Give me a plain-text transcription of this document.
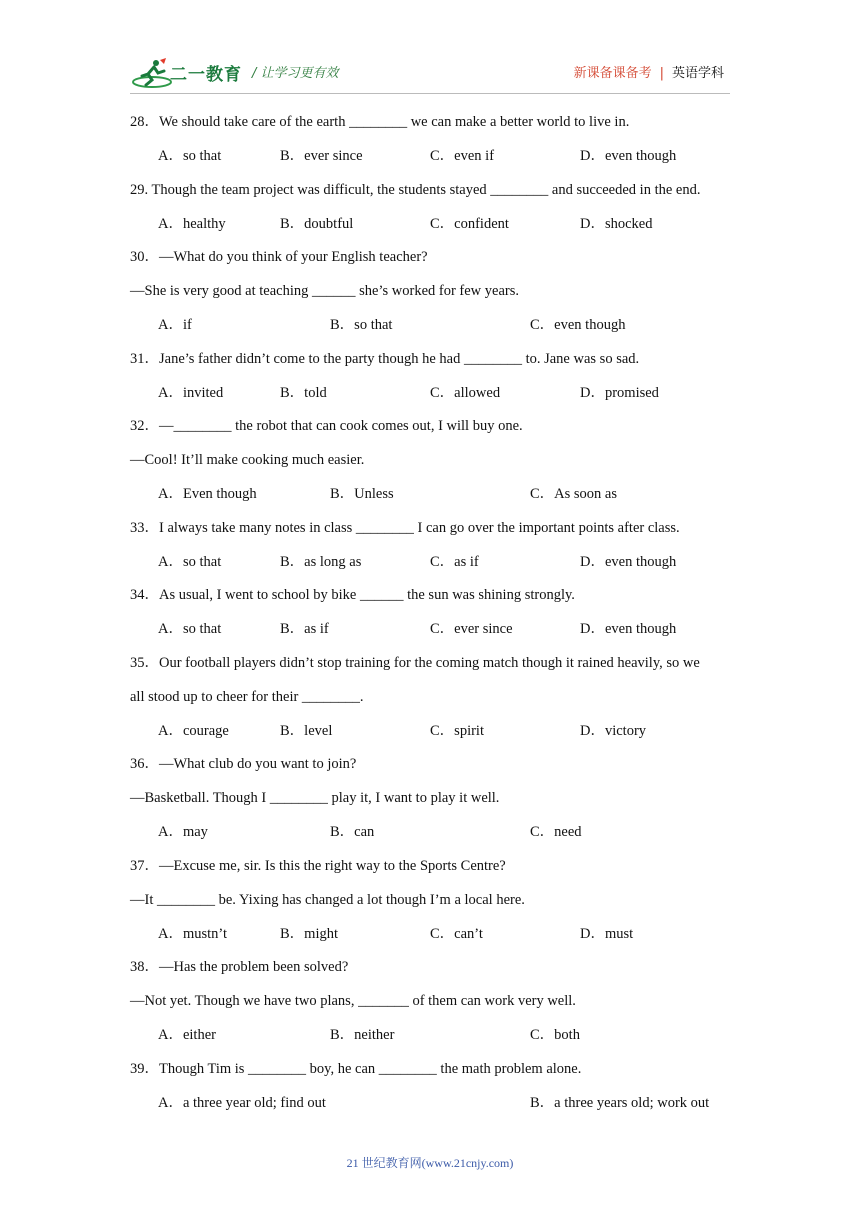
二一教育 / 让学习更有效	新课备课备考 | 英语学科
28．We should take care of the earth ________ we can make a better world to live in.
A．so that	B．ever since	C．even if	D．even though
29. Though the team project was difficult, the students stayed ________ and succeeded in the end.
A．healthy	B．doubtful	C．confident	D．shocked
30．—What do you think of your English teacher?
—She is very good at teaching ______ she’s worked for few years.
A．if	B．so that	C．even though
31．Jane’s father didn’t come to the party though he had ________ to. Jane was so sad.
A．invited	B．told	C．allowed	D．promised
32．—________ the robot that can cook comes out, I will buy one.
—Cool! It’ll make cooking much easier.
A．Even though	B．Unless	C．As soon as
33．I always take many notes in class ________ I can go over the important points after class.
A．so that	B．as long as	C．as if	D．even though
34．As usual, I went to school by bike ______ the sun was shining strongly.
A．so that	B．as if	C．ever since	D．even though
35．Our football players didn’t stop training for the coming match though it rained heavily, so we
all stood up to cheer for their ________.
A．courage	B．level	C．spirit	D．victory
36．—What club do you want to join?
—Basketball. Though I ________ play it, I want to play it well.
A．may	B．can	C．need
37．—Excuse me, sir. Is this the right way to the Sports Centre?
—It ________ be. Yixing has changed a lot though I’m a local here.
A．mustn’t	B．might	C．can’t	D．must
38．—Has the problem been solved?
—Not yet. Though we have two plans, _______ of them can work very well.
A．either	B．neither	C．both
39．Though Tim is ________ boy, he can ________ the math problem alone.
A．a three year old; find out	B．a three years old; work out
21 世纪教育网(www.21cnjy.com)
